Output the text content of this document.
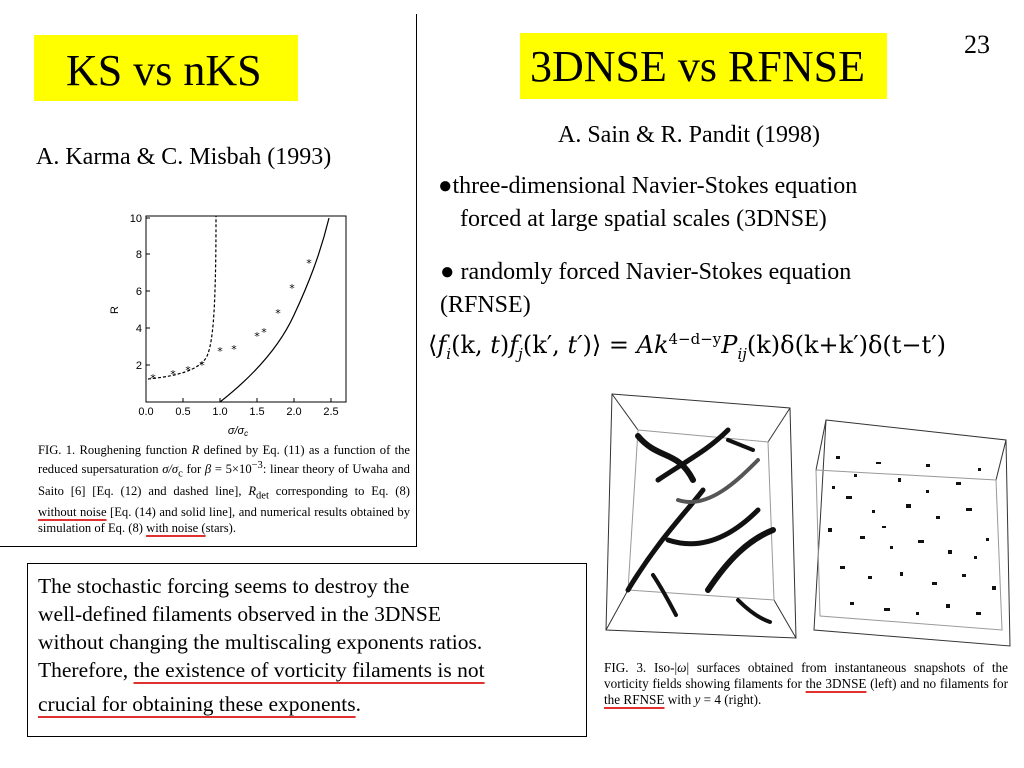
23
KS vs nKS	3DNSE vs RFNSE
A. Karma & C. Misbah (1993)
A. Sain & R. Pandit (1998)
●three-dimensional Navier-Stokes equation
forced at large spatial scales (3DNSE)
● randomly forced Navier-Stokes equation
(RFNSE)
$⟨f_i(k$, $t)f_j(k'$, t′)⟩ = $Ak^{4-d-y}P_{ij}(k)\delta(k+k')\delta(t-t')$
* * * *
* *
* *
*
*
*
2
4
6
8
10
0.0 0.5 1.0 1.5 2.0 2.5
R
σ/σc
FIG. 1. Roughening function R defined by Eq. (11) as a function of the reduced supersaturation $\sigma/\sigma_c$ for $\beta = 5\times 10^{-3}$: linear theory of Uwaha and Saito [6] [Eq. (12) and dashed line], $R_{det}$ corresponding to Eq. (8) without noise [Eq. (14) and solid line], and numerical results obtained by simulation of Eq. (8) with noise (stars).
FIG. 3. Iso-|ω| surfaces obtained from instantaneous snapshots of the vorticity fields showing filaments for the 3DNSE (left) and no filaments for the RFNSE with y = 4 (right).
The stochastic forcing seems to destroy the
well-defined filaments observed in the 3DNSE
without changing the multiscaling exponents ratios.
Therefore, the existence of vorticity filaments is not
crucial for obtaining these exponents.
